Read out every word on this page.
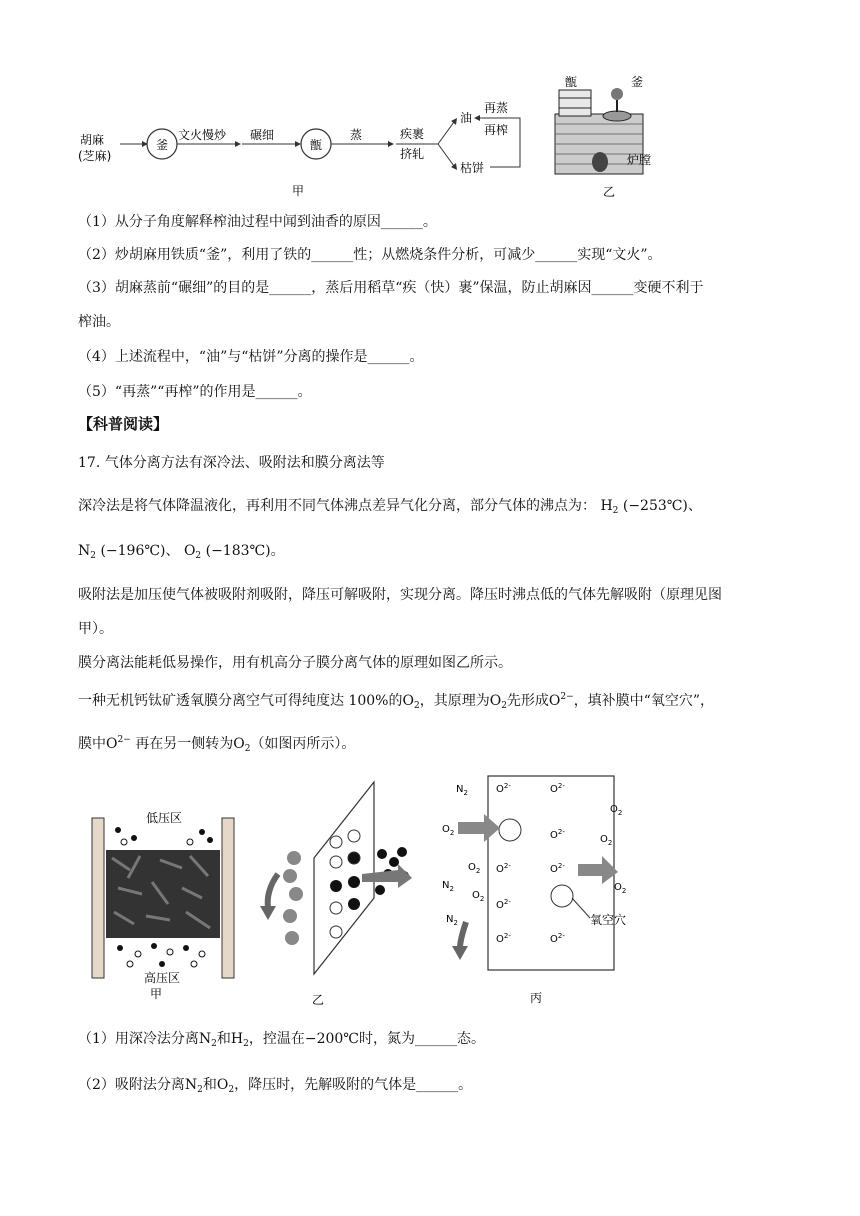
胡麻
(芝麻)
釜
文火慢炒 碾细
甑
蒸	疾裹
挤轧
油
枯饼
再蒸
再榨
甲
甑	釜
炉膛
乙
（1）从分子角度解释榨油过程中闻到油香的原因______。
（2）炒胡麻用铁质“釜”，利用了铁的______性；从燃烧条件分析，可减少______实现“文火”。
（3）胡麻蒸前“碾细”的目的是______，蒸后用稻草“疾（快）裹”保温，防止胡麻因______变硬不利于
榨油。
（4）上述流程中，“油”与“枯饼”分离的操作是______。
（5）“再蒸”“再榨”的作用是______。
【科普阅读】
17. 气体分离方法有深冷法、吸附法和膜分离法等
深冷法是将气体降温液化，再利用不同气体沸点差异气化分离，部分气体的沸点为： $H_2$ (−253℃)、
$N_2$ (−196℃)、 $O_2$ (−183℃)。
吸附法是加压使气体被吸附剂吸附，降压可解吸附，实现分离。降压时沸点低的气体先解吸附（原理见图
甲）。
膜分离法能耗低易操作，用有机高分子膜分离气体的原理如图乙所示。
一种无机钙钛矿透氧膜分离空气可得纯度达 100%的$O_2$，其原理为$O_2$先形成$O^{2-}$，填补膜中“氧空穴”，
膜中$O^{2-}$ 再在另一侧转为$O_2$（如图丙所示）。
低压区
高压区
甲	乙
$O^{2-}$	$O^{2-}$
$O^{2-}$
$O^{2-}$	$O^{2-}$
$O^{2-}$
$O^{2-}$	$O^{2-}$
$O_2$
$O_2$
$N_2$
$O_2$
$N_2$
$N_2$
$O_2$
$O_2$
$O_2$
氧空穴
丙
（1）用深冷法分离$N_2$和$H_2$，控温在−200℃时，氮为______态。
（2）吸附法分离$N_2$和$O_2$，降压时，先解吸附的气体是______。
